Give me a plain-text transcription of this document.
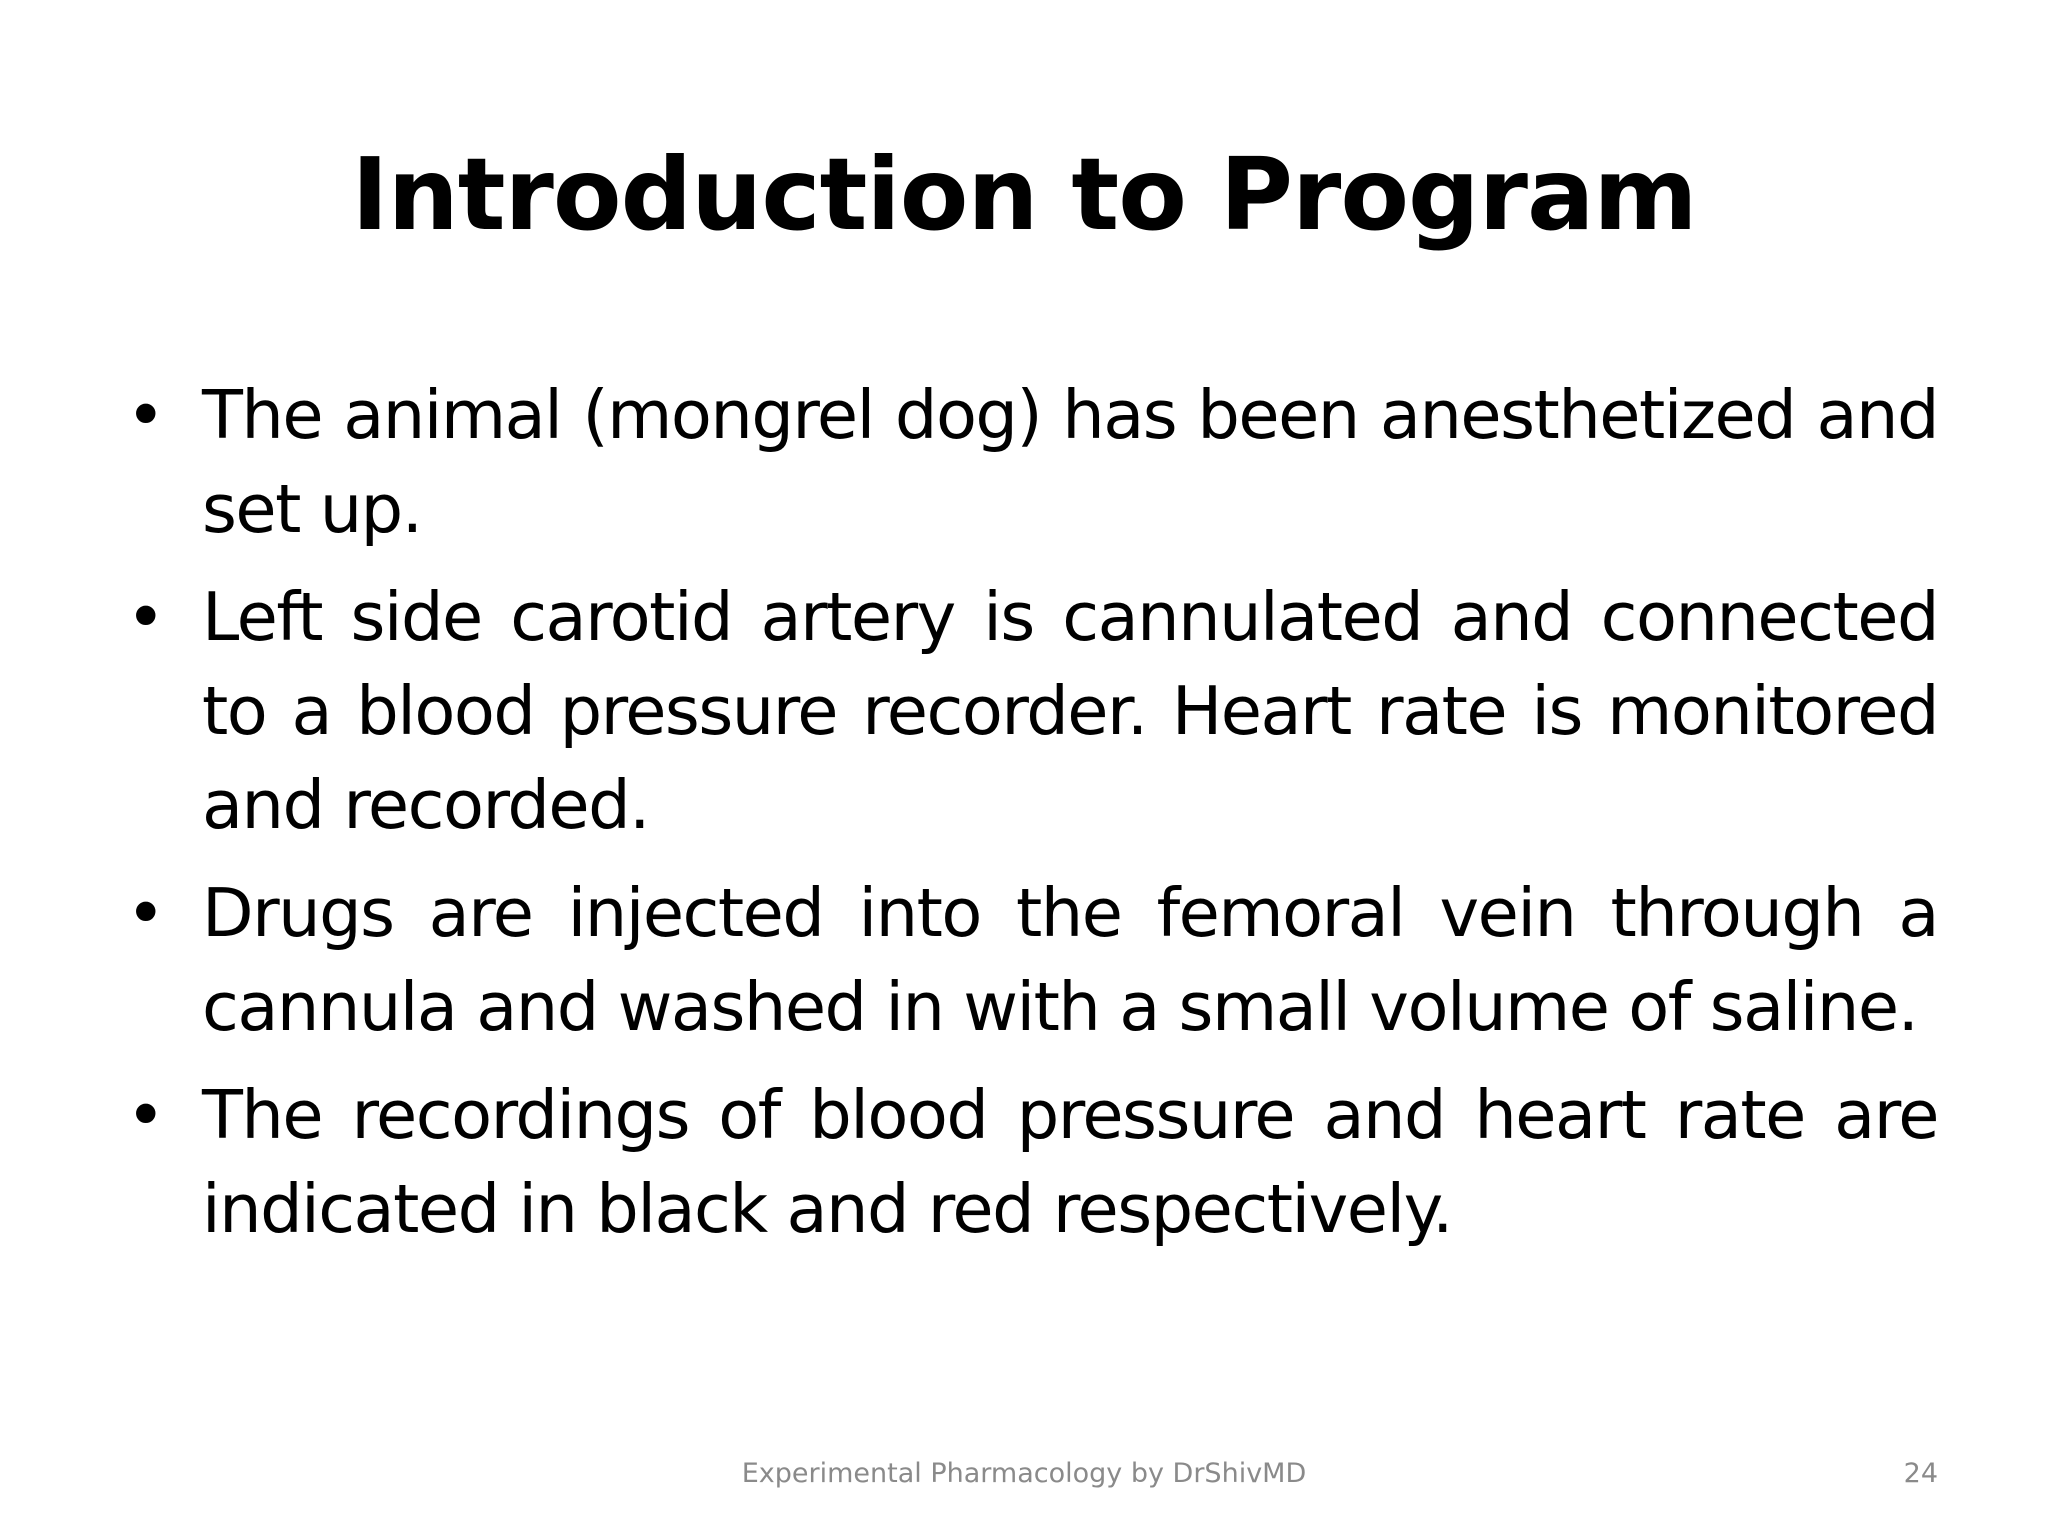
Introduction to Program
• The animal (mongrel dog) has been anesthetized and set up.
• Left side carotid artery is cannulated and connected to a blood pressure recorder. Heart rate is monitored and recorded.
• Drugs are injected into the femoral vein through a cannula and washed in with a small volume of saline.
• The recordings of blood pressure and heart rate are indicated in black and red respectively.
Experimental Pharmacology by DrShivMD	24
